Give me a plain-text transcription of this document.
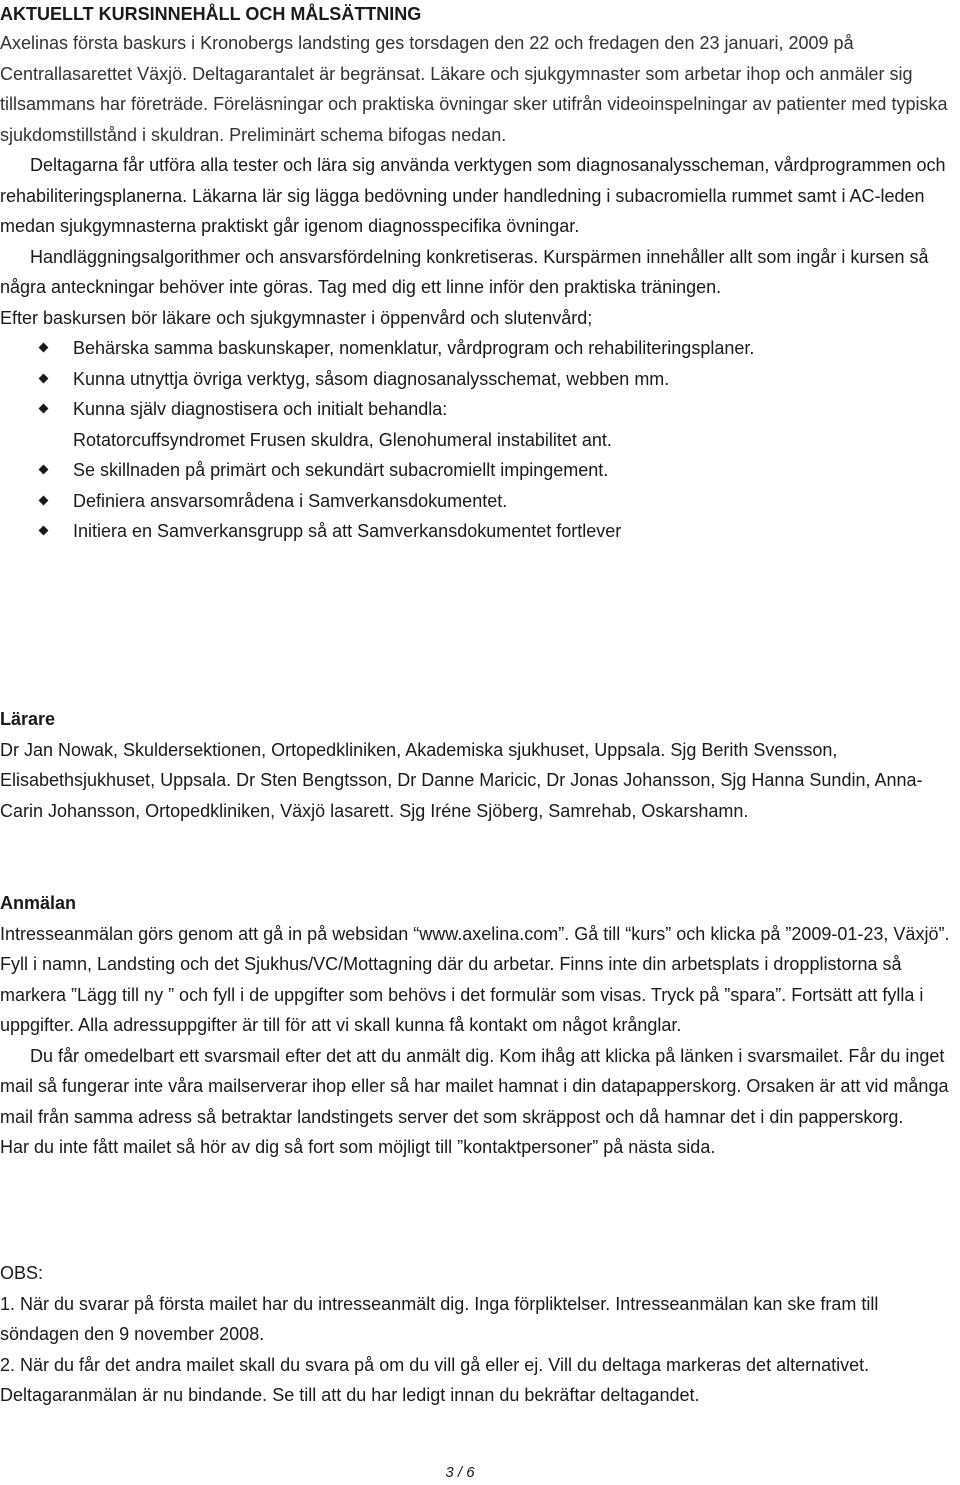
AKTUELLT KURSINNEHÅLL OCH MÅLSÄTTNING

Axelinas första baskurs i Kronobergs landsting ges torsdagen den 22 och fredagen den 23 januari, 2009 på Centrallasarettet Växjö. Deltagarantalet är begränsat. Läkare och sjukgymnaster som arbetar ihop och anmäler sig tillsammans har företräde. Föreläsningar och praktiska övningar sker utifrån videoinspelningar av patienter med typiska sjukdomstillstånd i skuldran. Preliminärt schema bifogas nedan.

Deltagarna får utföra alla tester och lära sig använda verktygen som diagnosanalysscheman, vårdprogrammen och rehabiliteringsplanerna. Läkarna lär sig lägga bedövning under handledning i subacromiella rummet samt i AC-leden medan sjukgymnasterna praktiskt går igenom diagnosspecifika övningar.

Handläggningsalgorithmer och ansvarsfördelning konkretiseras. Kurspärmen innehåller allt som ingår i kursen så några anteckningar behöver inte göras. Tag med dig ett linne inför den praktiska träningen.

Efter baskursen bör läkare och sjukgymnaster i öppenvård och slutenvård;

Behärska samma baskunskaper, nomenklatur, vårdprogram och rehabiliteringsplaner.
Kunna utnyttja övriga verktyg, såsom diagnosanalysschemat, webben mm.
Kunna själv diagnostisera och initialt behandla:
Rotatorcuffsyndromet Frusen skuldra, Glenohumeral instabilitet ant.
Se skillnaden på primärt och sekundärt subacromiellt impingement.
Definiera ansvarsområdena i Samverkansdokumentet.
Initiera en Samverkansgrupp så att Samverkansdokumentet fortlever
Lärare

Dr Jan Nowak, Skuldersektionen, Ortopedkliniken, Akademiska sjukhuset, Uppsala. Sjg Berith Svensson, Elisabethsjukhuset, Uppsala. Dr Sten Bengtsson, Dr Danne Maricic, Dr Jonas Johansson, Sjg Hanna Sundin, Anna-Carin Johansson, Ortopedkliniken, Växjö lasarett. Sjg Iréne Sjöberg, Samrehab, Oskarshamn.

Anmälan

Intresseanmälan görs genom att gå in på websidan “www.axelina.com”. Gå till “kurs” och klicka på ”2009-01-23, Växjö”. Fyll i namn, Landsting och det Sjukhus/VC/Mottagning där du arbetar. Finns inte din arbetsplats i dropplistorna så markera ”Lägg till ny ” och fyll i de uppgifter som behövs i det formulär som visas. Tryck på ”spara”. Fortsätt att fylla i uppgifter. Alla adressuppgifter är till för att vi skall kunna få kontakt om något krånglar.

Du får omedelbart ett svarsmail efter det att du anmält dig. Kom ihåg att klicka på länken i svarsmailet. Får du inget mail så fungerar inte våra mailserverar ihop eller så har mailet hamnat i din datapapperskorg. Orsaken är att vid många mail från samma adress så betraktar landstingets server det som skräppost och då hamnar det i din papperskorg.

Har du inte fått mailet så hör av dig så fort som möjligt till ”kontaktpersoner” på nästa sida.

OBS:

1. När du svarar på första mailet har du intresseanmält dig. Inga förpliktelser. Intresseanmälan kan ske fram till söndagen den 9 november 2008.

2. När du får det andra mailet skall du svara på om du vill gå eller ej. Vill du deltaga markeras det alternativet. Deltagaranmälan är nu bindande. Se till att du har ledigt innan du bekräftar deltagandet.

3 / 6
